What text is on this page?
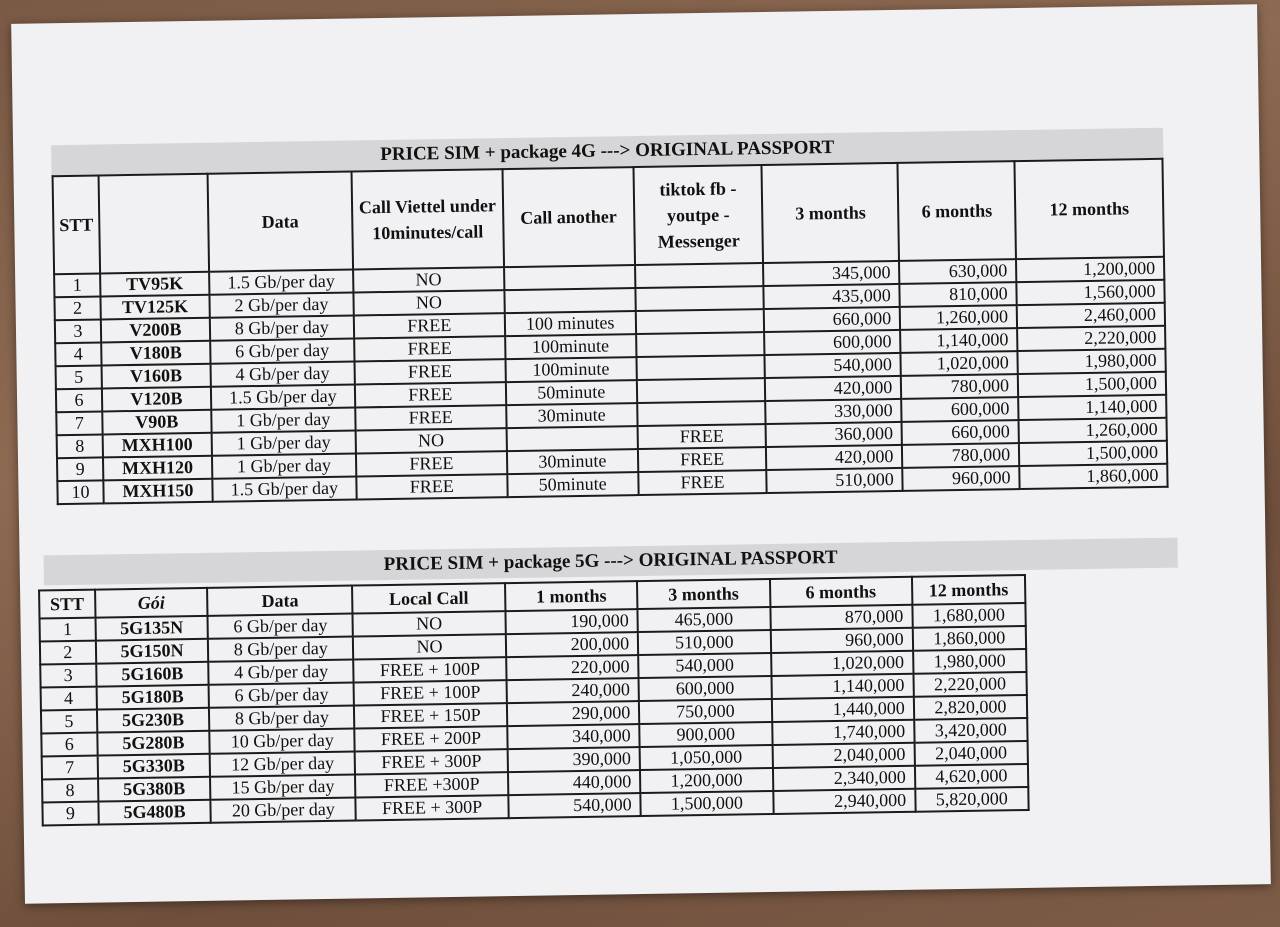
PRICE SIM + package 4G ---> ORIGINAL PASSPORT
STT		Data	Call Viettel under 10minutes/call	Call another	tiktok fb - youtpe - Messenger	3 months	6 months	12 months
1	TV95K	1.5 Gb/per day	NO			345,000	630,000	1,200,000
2	TV125K	2 Gb/per day	NO			435,000	810,000	1,560,000
3	V200B	8 Gb/per day	FREE	100 minutes		660,000	1,260,000	2,460,000
4	V180B	6 Gb/per day	FREE	100minute		600,000	1,140,000	2,220,000
5	V160B	4 Gb/per day	FREE	100minute		540,000	1,020,000	1,980,000
6	V120B	1.5 Gb/per day	FREE	50minute		420,000	780,000	1,500,000
7	V90B	1 Gb/per day	FREE	30minute		330,000	600,000	1,140,000
8	MXH100	1 Gb/per day	NO		FREE	360,000	660,000	1,260,000
9	MXH120	1 Gb/per day	FREE	30minute	FREE	420,000	780,000	1,500,000
10	MXH150	1.5 Gb/per day	FREE	50minute	FREE	510,000	960,000	1,860,000
PRICE SIM + package 5G ---> ORIGINAL PASSPORT
STT	Gói	Data	Local Call	1 months	3 months	6 months	12 months
1	5G135N	6 Gb/per day	NO	190,000	465,000	870,000	1,680,000
2	5G150N	8 Gb/per day	NO	200,000	510,000	960,000	1,860,000
3	5G160B	4 Gb/per day	FREE + 100P	220,000	540,000	1,020,000	1,980,000
4	5G180B	6 Gb/per day	FREE + 100P	240,000	600,000	1,140,000	2,220,000
5	5G230B	8 Gb/per day	FREE + 150P	290,000	750,000	1,440,000	2,820,000
6	5G280B	10 Gb/per day	FREE + 200P	340,000	900,000	1,740,000	3,420,000
7	5G330B	12 Gb/per day	FREE + 300P	390,000	1,050,000	2,040,000	2,040,000
8	5G380B	15 Gb/per day	FREE +300P	440,000	1,200,000	2,340,000	4,620,000
9	5G480B	20 Gb/per day	FREE + 300P	540,000	1,500,000	2,940,000	5,820,000
